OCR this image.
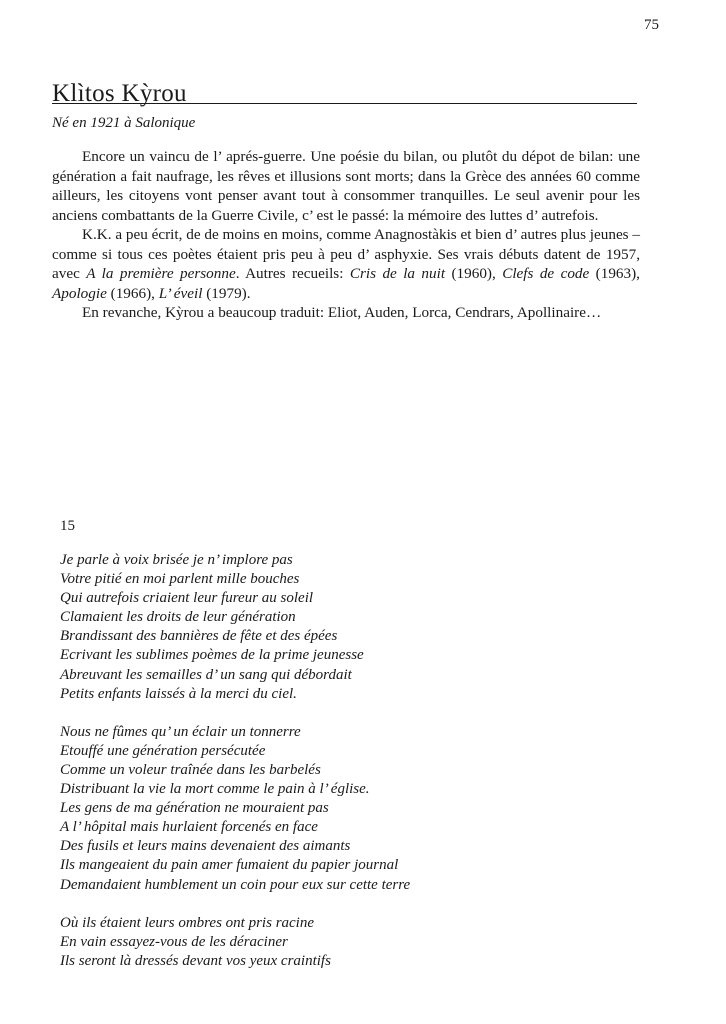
75
Klìtos Kỳrou
Né en 1921 à Salonique

Encore un vaincu de l’ aprés-guerre. Une poésie du bilan, ou plutôt du dépot de bilan: une génération a fait naufrage, les rêves et illusions sont morts; dans la Grèce des années 60 comme ailleurs, les citoyens vont penser avant tout à consommer tranquilles. Le seul avenir pour les anciens combattants de la Guerre Civile, c’ est le passé: la mémoire des luttes d’ autrefois.

K.K. a peu écrit, de de moins en moins, comme Anagnostàkis et bien d’ autres plus jeunes – comme si tous ces poètes étaient pris peu à peu d’ asphyxie. Ses vrais débuts datent de 1957, avec A la première personne. Autres recueils: Cris de la nuit (1960), Clefs de code (1963), Apologie (1966), L’ éveil (1979).

En revanche, Kỳrou a beaucoup traduit: Eliot, Auden, Lorca, Cendrars, Apollinaire…

15
Je parle à voix brisée je n’ implore pas
Votre pitié en moi parlent mille bouches
Qui autrefois criaient leur fureur au soleil
Clamaient les droits de leur génération
Brandissant des bannières de fête et des épées
Ecrivant les sublimes poèmes de la prime jeunesse
Abreuvant les semailles d’ un sang qui débordait
Petits enfants laissés à la merci du ciel.
Nous ne fûmes qu’ un éclair un tonnerre
Etouffé une génération persécutée
Comme un voleur traînée dans les barbelés
Distribuant la vie la mort comme le pain à l’ église.
Les gens de ma génération ne mouraient pas
A l’ hôpital mais hurlaient forcenés en face
Des fusils et leurs mains devenaient des aimants
Ils mangeaient du pain amer fumaient du papier journal
Demandaient humblement un coin pour eux sur cette terre
Où ils étaient leurs ombres ont pris racine
En vain essayez-vous de les déraciner
Ils seront là dressés devant vos yeux craintifs
